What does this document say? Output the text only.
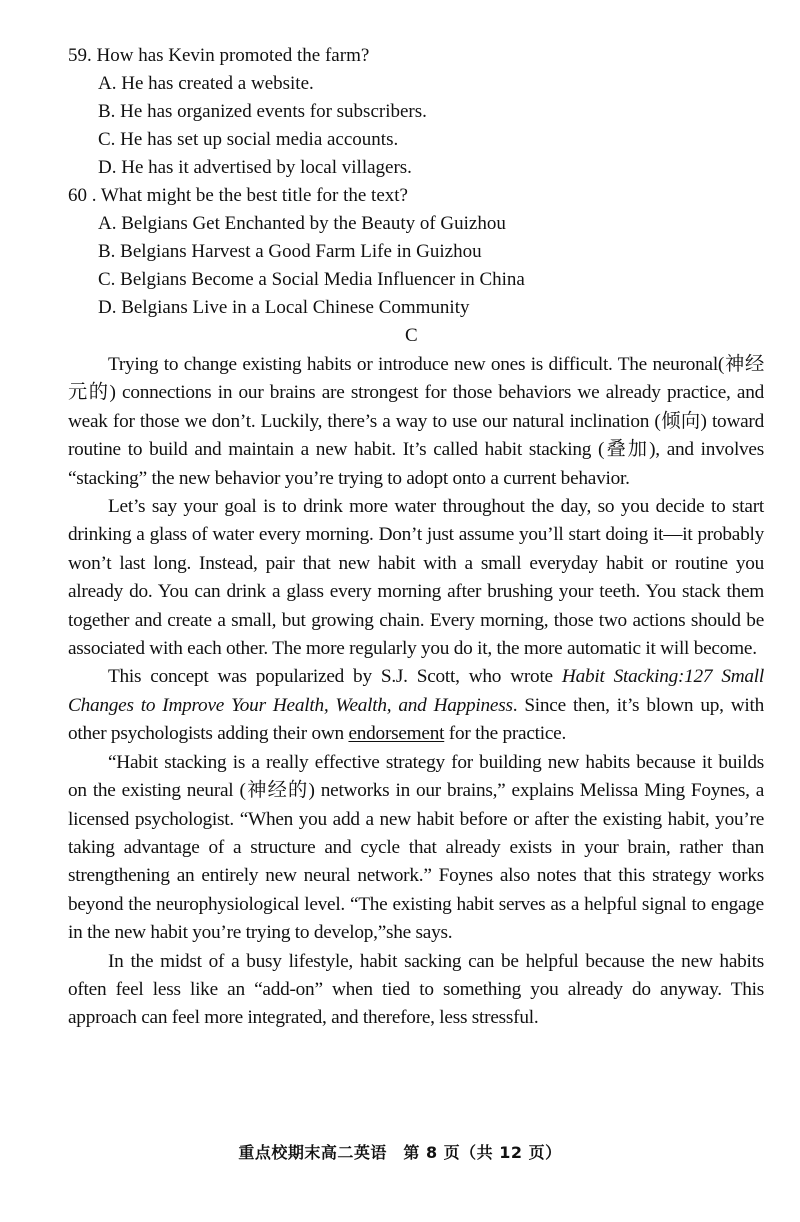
59. How has Kevin promoted the farm?
A. He has created a website.
B. He has organized events for subscribers.
C. He has set up social media accounts.
D. He has it advertised by local villagers.
60 . What might be the best title for the text?
A. Belgians Get Enchanted by the Beauty of Guizhou
B. Belgians Harvest a Good Farm Life in Guizhou
C. Belgians Become a Social Media Influencer in China
D. Belgians Live in a Local Chinese Community
C

Trying to change existing habits or introduce new ones is difficult. The neuronal(神经元的) connections in our brains are strongest for those behaviors we already practice, and weak for those we don’t. Luckily, there’s a way to use our natural inclination (倾向) toward routine to build and maintain a new habit. It’s called habit stacking (叠加), and involves “stacking” the new behavior you’re trying to adopt onto a current behavior.

Let’s say your goal is to drink more water throughout the day, so you decide to start drinking a glass of water every morning. Don’t just assume you’ll start doing it—it probably won’t last long. Instead, pair that new habit with a small everyday habit or routine you already do. You can drink a glass every morning after brushing your teeth. You stack them together and create a small, but growing chain. Every morning, those two actions should be associated with each other. The more regularly you do it, the more automatic it will become.

This concept was popularized by S.J. Scott, who wrote Habit Stacking:127 Small Changes to Improve Your Health, Wealth, and Happiness. Since then, it’s blown up, with other psychologists adding their own endorsement for the practice.

“Habit stacking is a really effective strategy for building new habits because it builds on the existing neural (神经的) networks in our brains,” explains Melissa Ming Foynes, a licensed psychologist. “When you add a new habit before or after the existing habit, you’re taking advantage of a structure and cycle that already exists in your brain, rather than strengthening an entirely new neural network.” Foynes also notes that this strategy works beyond the neurophysiological level. “The existing habit serves as a helpful signal to engage in the new habit you’re trying to develop,”she says.

In the midst of a busy lifestyle, habit sacking can be helpful because the new habits often feel less like an “add-on” when tied to something you already do anyway. This approach can feel more integrated, and therefore, less stressful.

重点校期末高二英语　第 8 页（共 12 页）
